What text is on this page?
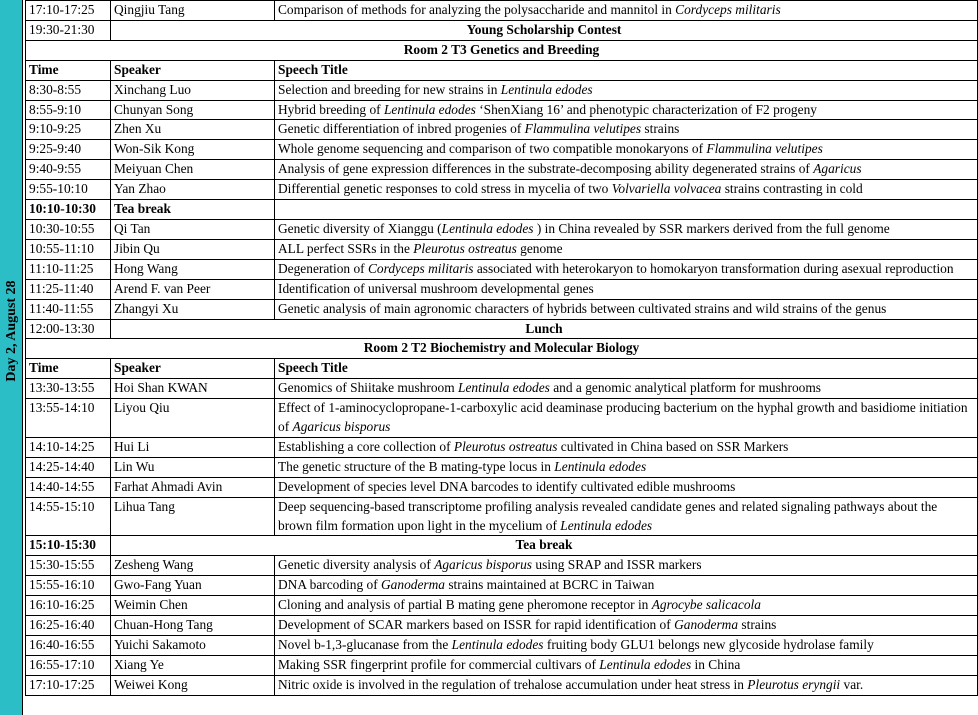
Day 2, August 28
17:10-17:25	Qingjiu Tang	Comparison of methods for analyzing the polysaccharide and mannitol in Cordyceps militaris
19:30-21:30	Young Scholarship Contest	
Room 2 T3 Genetics and Breeding		
Time	Speaker	Speech Title
8:30-8:55	Xinchang Luo	Selection and breeding for new strains in Lentinula edodes
8:55-9:10	Chunyan Song	Hybrid breeding of Lentinula edodes ‘ShenXiang 16’ and phenotypic characterization of F2 progeny
9:10-9:25	Zhen Xu	Genetic differentiation of inbred progenies of Flammulina velutipes strains
9:25-9:40	Won-Sik Kong	Whole genome sequencing and comparison of two compatible monokaryons of Flammulina velutipes
9:40-9:55	Meiyuan Chen	Analysis of gene expression differences in the substrate-decomposing ability degenerated strains of Agaricus
9:55-10:10	Yan Zhao	Differential genetic responses to cold stress in mycelia of two Volvariella volvacea strains contrasting in cold
10:10-10:30	Tea break	
10:30-10:55	Qi Tan	Genetic diversity of Xianggu (Lentinula edodes ) in China revealed by SSR markers derived from the full genome
10:55-11:10	Jibin Qu	ALL perfect SSRs in the Pleurotus ostreatus genome
11:10-11:25	Hong Wang	Degeneration of Cordyceps militaris associated with heterokaryon to homokaryon transformation during asexual reproduction
11:25-11:40	Arend F. van Peer	Identification of universal mushroom developmental genes
11:40-11:55	Zhangyi Xu	Genetic analysis of main agronomic characters of hybrids between cultivated strains and wild strains of the genus
12:00-13:30	Lunch	
Room 2 T2 Biochemistry and Molecular Biology		
Time	Speaker	Speech Title
13:30-13:55	Hoi Shan KWAN	Genomics of Shiitake mushroom Lentinula edodes and a genomic analytical platform for mushrooms
13:55-14:10	Liyou Qiu	Effect of 1-aminocyclopropane-1-carboxylic acid deaminase producing bacterium on the hyphal growth and basidiome initiation of Agaricus bisporus
14:10-14:25	Hui Li	Establishing a core collection of Pleurotus ostreatus cultivated in China based on SSR Markers
14:25-14:40	Lin Wu	The genetic structure of the B mating-type locus in Lentinula edodes
14:40-14:55	Farhat Ahmadi Avin	Development of species level DNA barcodes to identify cultivated edible mushrooms
14:55-15:10	Lihua Tang	Deep sequencing-based transcriptome profiling analysis revealed candidate genes and related signaling pathways about the brown film formation upon light in the mycelium of Lentinula edodes
15:10-15:30	Tea break	
15:30-15:55	Zesheng Wang	Genetic diversity analysis of Agaricus bisporus using SRAP and ISSR markers
15:55-16:10	Gwo-Fang Yuan	DNA barcoding of Ganoderma strains maintained at BCRC in Taiwan
16:10-16:25	Weimin Chen	Cloning and analysis of partial B mating gene pheromone receptor in Agrocybe salicacola
16:25-16:40	Chuan-Hong Tang	Development of SCAR markers based on ISSR for rapid identification of Ganoderma strains
16:40-16:55	Yuichi Sakamoto	Novel b-1,3-glucanase from the Lentinula edodes fruiting body GLU1 belongs new glycoside hydrolase family
16:55-17:10	Xiang Ye	Making SSR fingerprint profile for commercial cultivars of Lentinula edodes in China
17:10-17:25	Weiwei Kong	Nitric oxide is involved in the regulation of trehalose accumulation under heat stress in Pleurotus eryngii var.
